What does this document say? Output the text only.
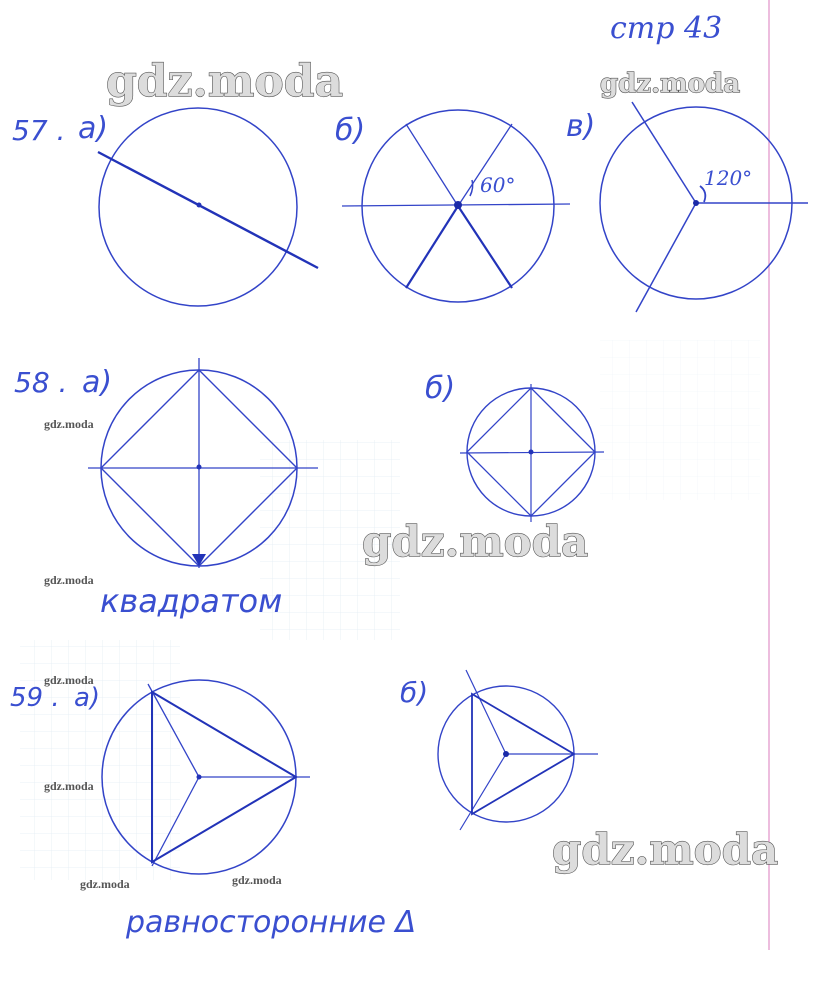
стр 43
57 . а)	б)
60°
в)
120°
58 . а)
квадратом
б)
59 . а)
равносторонние Δ
б)
gdz.moda	gdz.moda
gdz.moda
gdz.moda
gdz.moda
gdz.moda
gdz.moda
gdz.moda
gdz.moda	gdz.moda
